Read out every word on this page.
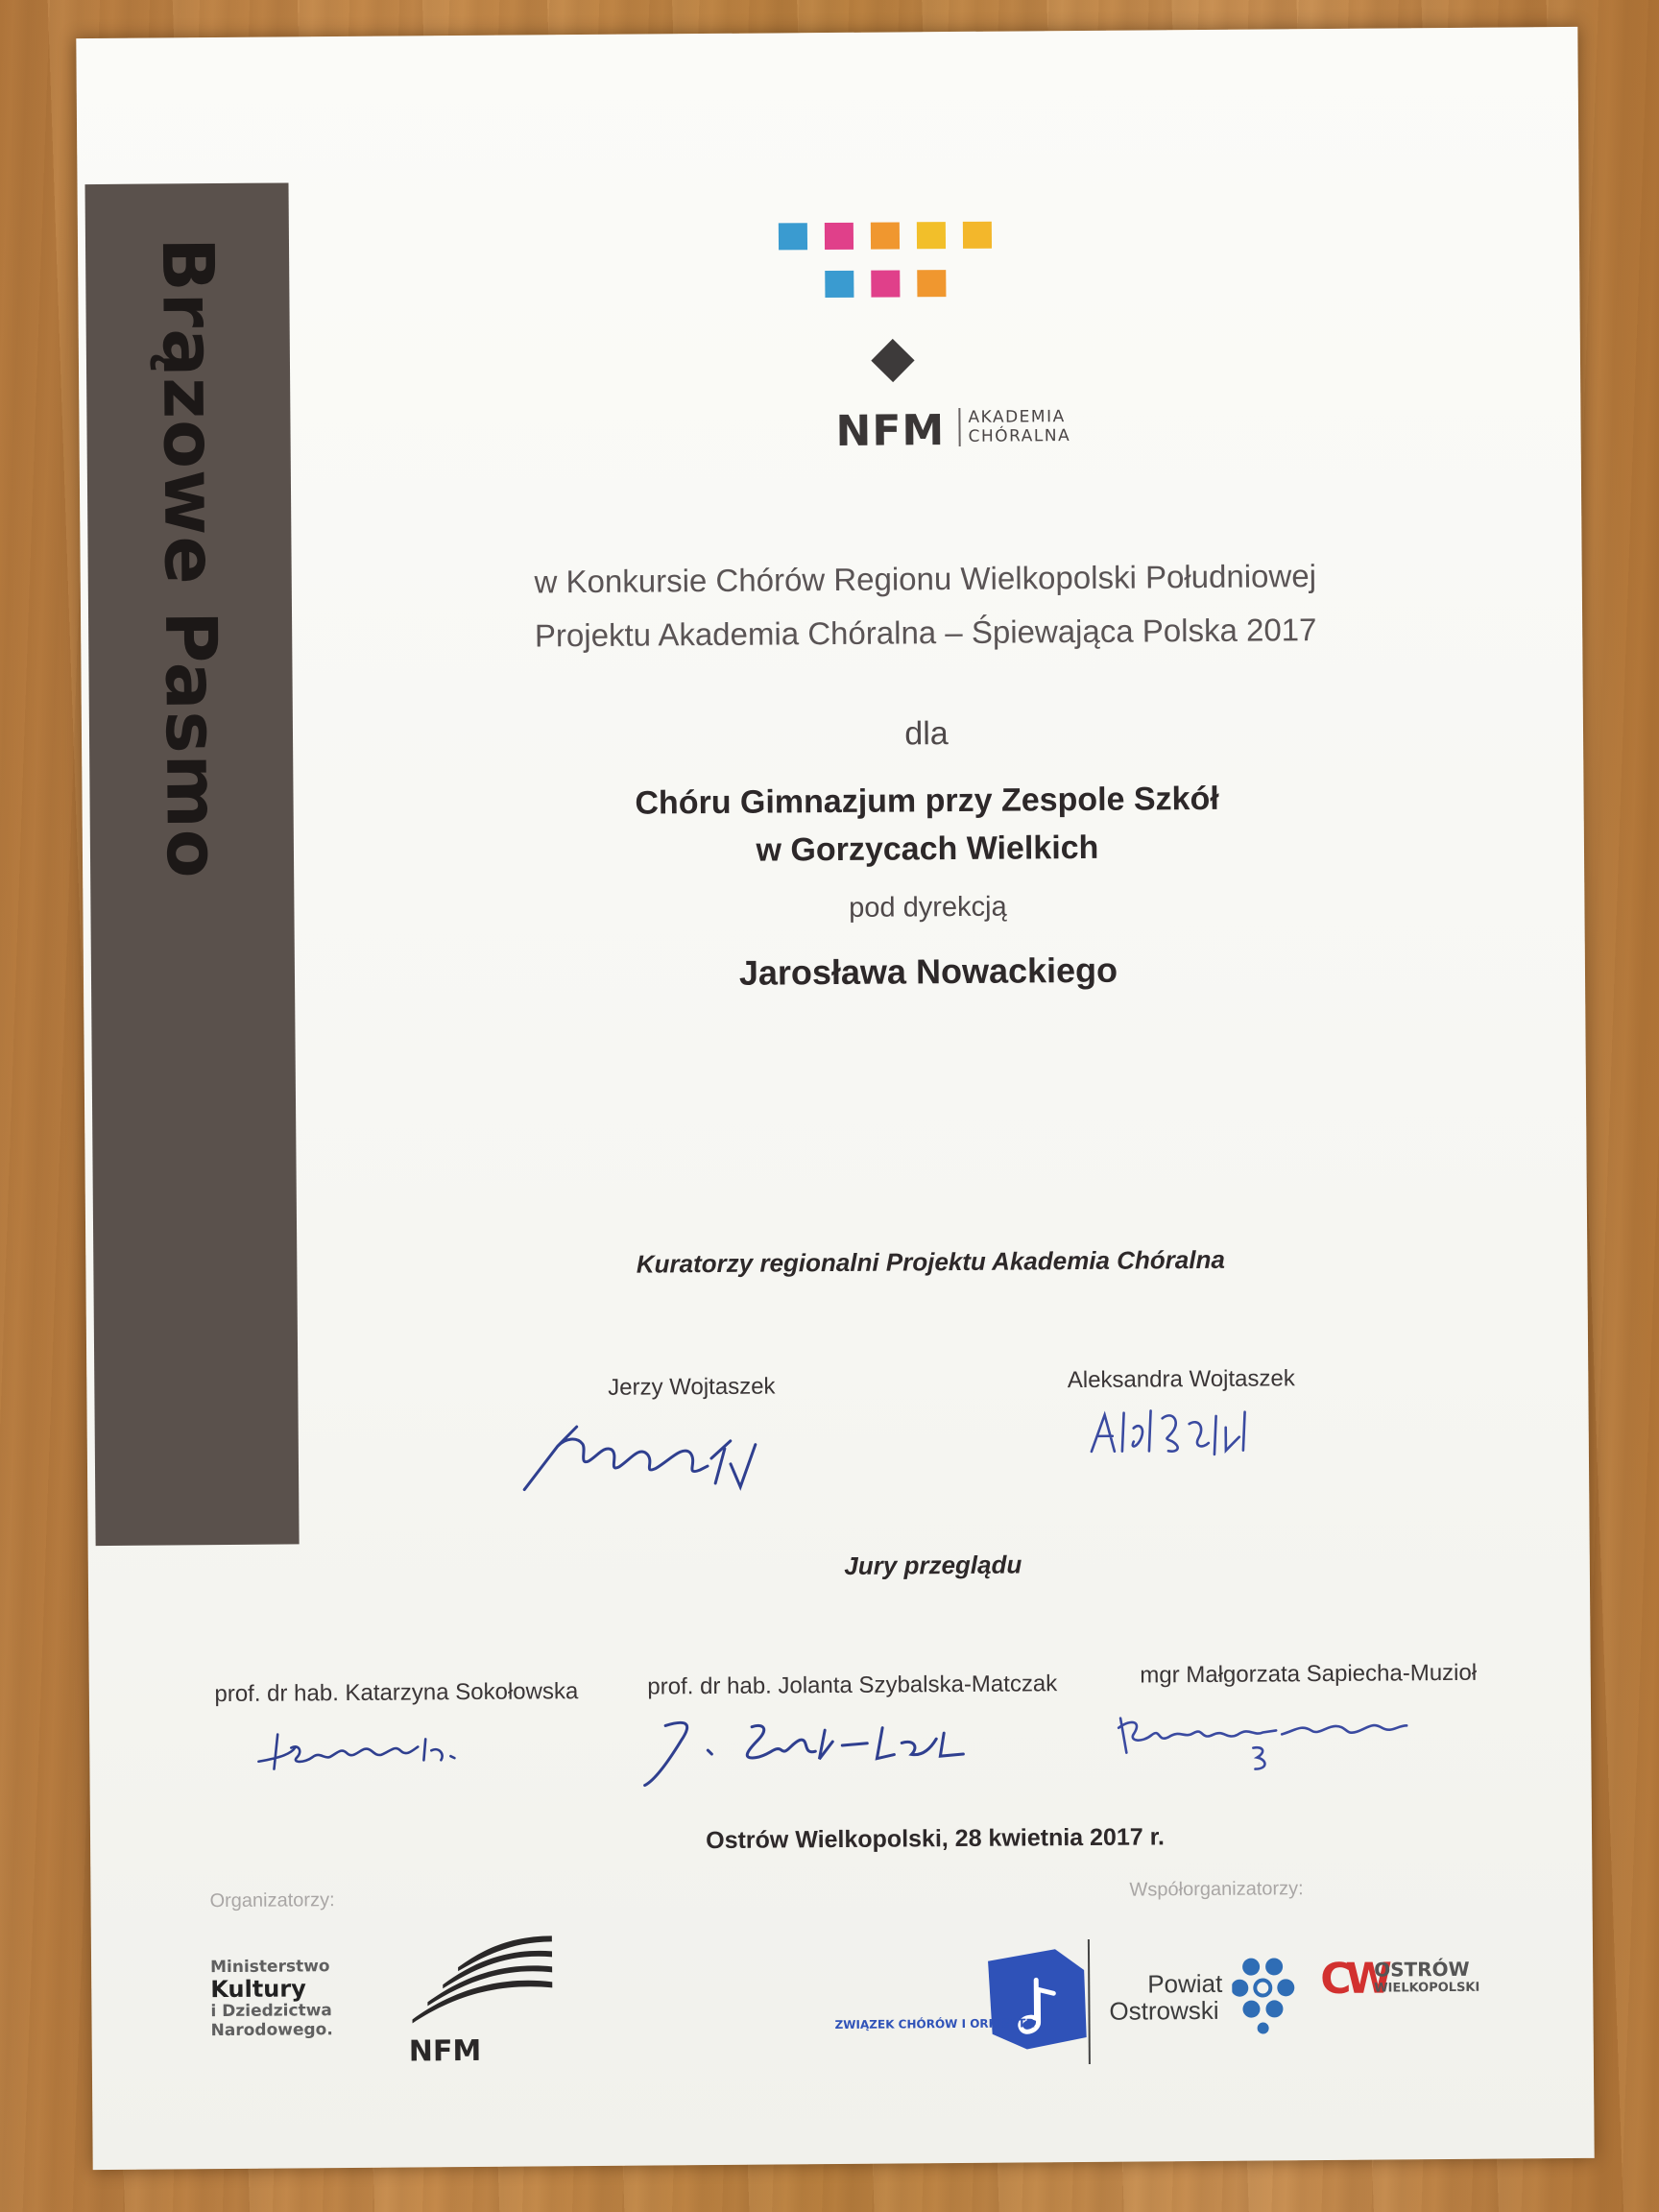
Brązowe Pasmo	NFM AKADEMIA
CHÓRALNA
w Konkursie Chórów Regionu Wielkopolski Południowej
Projektu Akademia Chóralna – Śpiewająca Polska 2017
dla
Chóru Gimnazjum przy Zespole Szkół
w Gorzycach Wielkich
pod dyrekcją
Jarosława Nowackiego
Kuratorzy regionalni Projektu Akademia Chóralna
Jerzy Wojtaszek	Aleksandra Wojtaszek
Jury przeglądu
prof. dr hab. Katarzyna Sokołowska	prof. dr hab. Jolanta Szybalska-Matczak	mgr Małgorzata Sapiecha-Muzioł
Ostrów Wielkopolski, 28 kwietnia 2017 r.
Organizatorzy:
Współorganizatorzy:
Ministerstwo
Kultury
i Dziedzictwa
Narodowego.
NFM
ZWIĄZEK CHÓRÓW I ORKIESTR
Powiat
Ostrowski
CW
OSTRÓW
WIELKOPOLSKI
